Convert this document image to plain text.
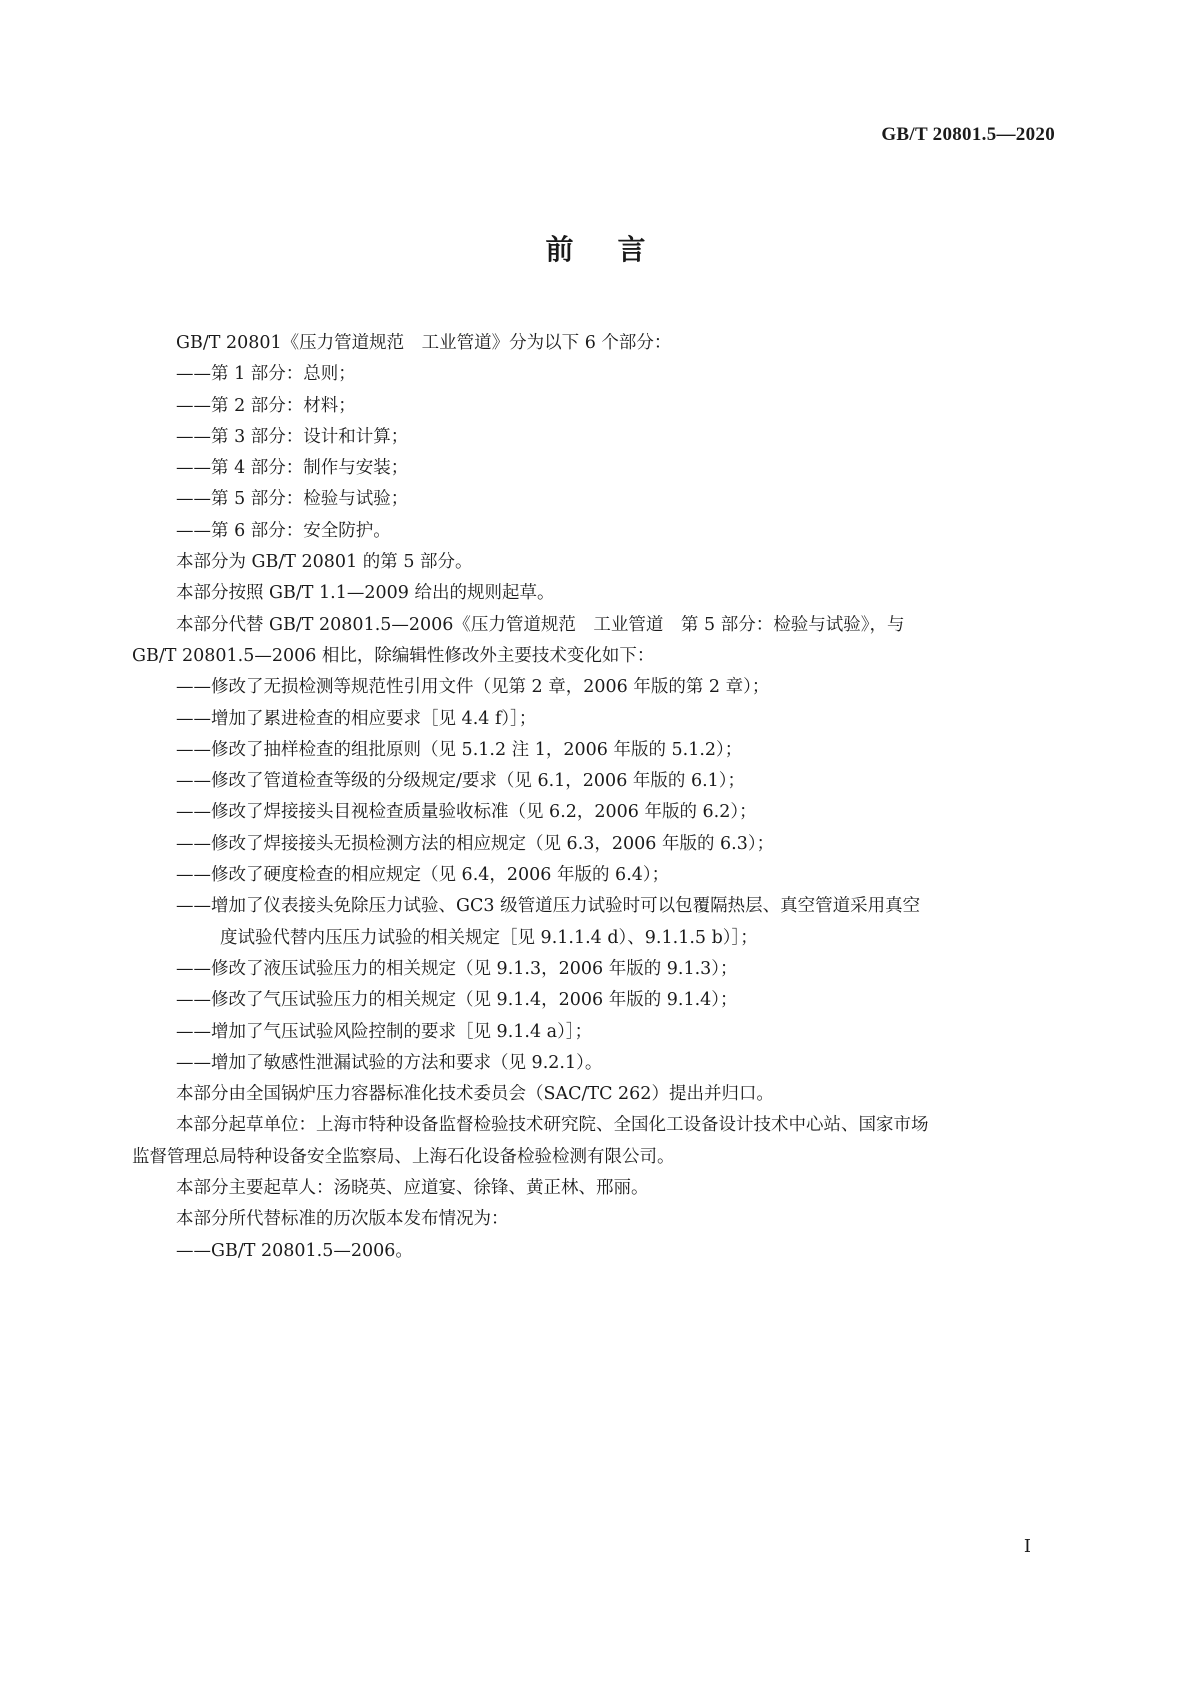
GB/T 20801.5—2020
前言
GB/T 20801《压力管道规范　工业管道》分为以下 6 个部分：
——第 1 部分：总则；
——第 2 部分：材料；
——第 3 部分：设计和计算；
——第 4 部分：制作与安装；
——第 5 部分：检验与试验；
——第 6 部分：安全防护。
本部分为 GB/T 20801 的第 5 部分。
本部分按照 GB/T 1.1—2009 给出的规则起草。
本部分代替 GB/T 20801.5—2006《压力管道规范　工业管道　第 5 部分：检验与试验》，与
GB/T 20801.5—2006 相比，除编辑性修改外主要技术变化如下：
——修改了无损检测等规范性引用文件（见第 2 章，2006 年版的第 2 章）；
——增加了累进检查的相应要求［见 4.4 f）］；
——修改了抽样检查的组批原则（见 5.1.2 注 1，2006 年版的 5.1.2）；
——修改了管道检查等级的分级规定/要求（见 6.1，2006 年版的 6.1）；
——修改了焊接接头目视检查质量验收标准（见 6.2，2006 年版的 6.2）；
——修改了焊接接头无损检测方法的相应规定（见 6.3，2006 年版的 6.3）；
——修改了硬度检查的相应规定（见 6.4，2006 年版的 6.4）；
——增加了仪表接头免除压力试验、GC3 级管道压力试验时可以包覆隔热层、真空管道采用真空
度试验代替内压压力试验的相关规定［见 9.1.1.4 d）、9.1.1.5 b）］；
——修改了液压试验压力的相关规定（见 9.1.3，2006 年版的 9.1.3）；
——修改了气压试验压力的相关规定（见 9.1.4，2006 年版的 9.1.4）；
——增加了气压试验风险控制的要求［见 9.1.4 a）］；
——增加了敏感性泄漏试验的方法和要求（见 9.2.1）。
本部分由全国锅炉压力容器标准化技术委员会（SAC/TC 262）提出并归口。
本部分起草单位：上海市特种设备监督检验技术研究院、全国化工设备设计技术中心站、国家市场
监督管理总局特种设备安全监察局、上海石化设备检验检测有限公司。
本部分主要起草人：汤晓英、应道宴、徐锋、黄正林、邢丽。
本部分所代替标准的历次版本发布情况为：
——GB/T 20801.5—2006。
I
